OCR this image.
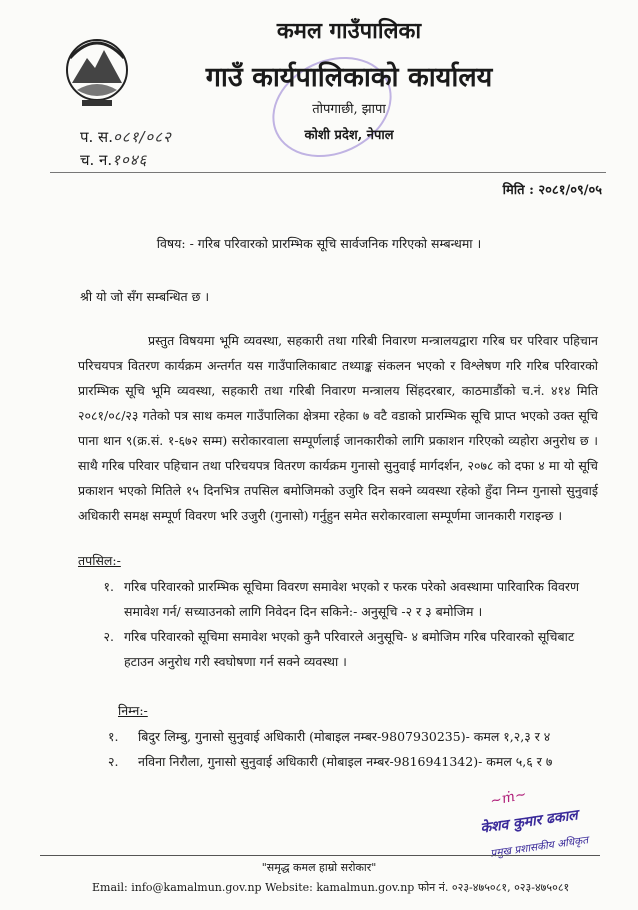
कमल गाउँपालिका
गाउँ कार्यपालिकाको कार्यालय
तोपगाछी, झापा
कोशी प्रदेश, नेपाल
प. स.०८१/०८२
च. न.१०४६
मिति : २०८१/०९/०५
विषय: - गरिब परिवारको प्रारम्भिक सूचि सार्वजनिक गरिएको सम्बन्धमा ।
श्री यो जो सँग सम्बन्धित छ ।
प्रस्तुत विषयमा भूमि व्यवस्था, सहकारी तथा गरिबी निवारण मन्त्रालयद्वारा गरिब घर परिवार पहिचान परिचयपत्र वितरण कार्यक्रम अन्तर्गत यस गाउँपालिकाबाट तथ्याङ्क संकलन भएको र विश्लेषण गरि गरिब परिवारको प्रारम्भिक सूचि भूमि व्यवस्था, सहकारी तथा गरिबी निवारण मन्त्रालय सिंहदरबार, काठमाडौंको च.नं. ४१४ मिति २०८१/०८/२३ गतेको पत्र साथ कमल गाउँपालिका क्षेत्रमा रहेका ७ वटै वडाको प्रारम्भिक सूचि प्राप्त भएको उक्त सूचि पाना थान ९(क्र.सं. १-६७२ सम्म) सरोकारवाला सम्पूर्णलाई जानकारीको लागि प्रकाशन गरिएको व्यहोरा अनुरोध छ । साथै गरिब परिवार पहिचान तथा परिचयपत्र वितरण कार्यक्रम गुनासो सुनुवाई मार्गदर्शन, २०७८ को दफा ४ मा यो सूचि प्रकाशन भएको मितिले १५ दिनभित्र तपसिल बमोजिमको उजुरि दिन सक्ने व्यवस्था रहेको हुँदा निम्न गुनासो सुनुवाई अधिकारी समक्ष सम्पूर्ण विवरण भरि उजुरी (गुनासो) गर्नुहुन समेत सरोकारवाला सम्पूर्णमा जानकारी गराइन्छ ।
तपसिल:-
१. गरिब परिवारको प्रारम्भिक सूचिमा विवरण समावेश भएको र फरक परेको अवस्थामा पारिवारिक विवरण समावेश गर्न/ सच्याउनको लागि निवेदन दिन सकिने:- अनुसूचि -२ र ३ बमोजिम ।
२. गरिब परिवारको सूचिमा समावेश भएको कुनै परिवारले अनुसूचि- ४ बमोजिम गरिब परिवारको सूचिबाट हटाउन अनुरोध गरी स्वघोषणा गर्न सक्ने व्यवस्था ।
निम्न:-
१.	बिदुर लिम्बु, गुनासो सुनुवाई अधिकारी (मोबाइल नम्बर-9807930235)- कमल १,२,३ र ४
२.	नविना निरौला, गुनासो सुनुवाई अधिकारी (मोबाइल नम्बर-9816941342)- कमल ५,६ र ७
~ṁ~
केशव कुमार ढकाल
प्रमुख प्रशासकीय अधिकृत
"समृद्ध कमल हाम्रो सरोकार"
Email: info@kamalmun.gov.np Website: kamalmun.gov.np फोन नं. ०२३-४७५०८१, ०२३-४७५०८१
